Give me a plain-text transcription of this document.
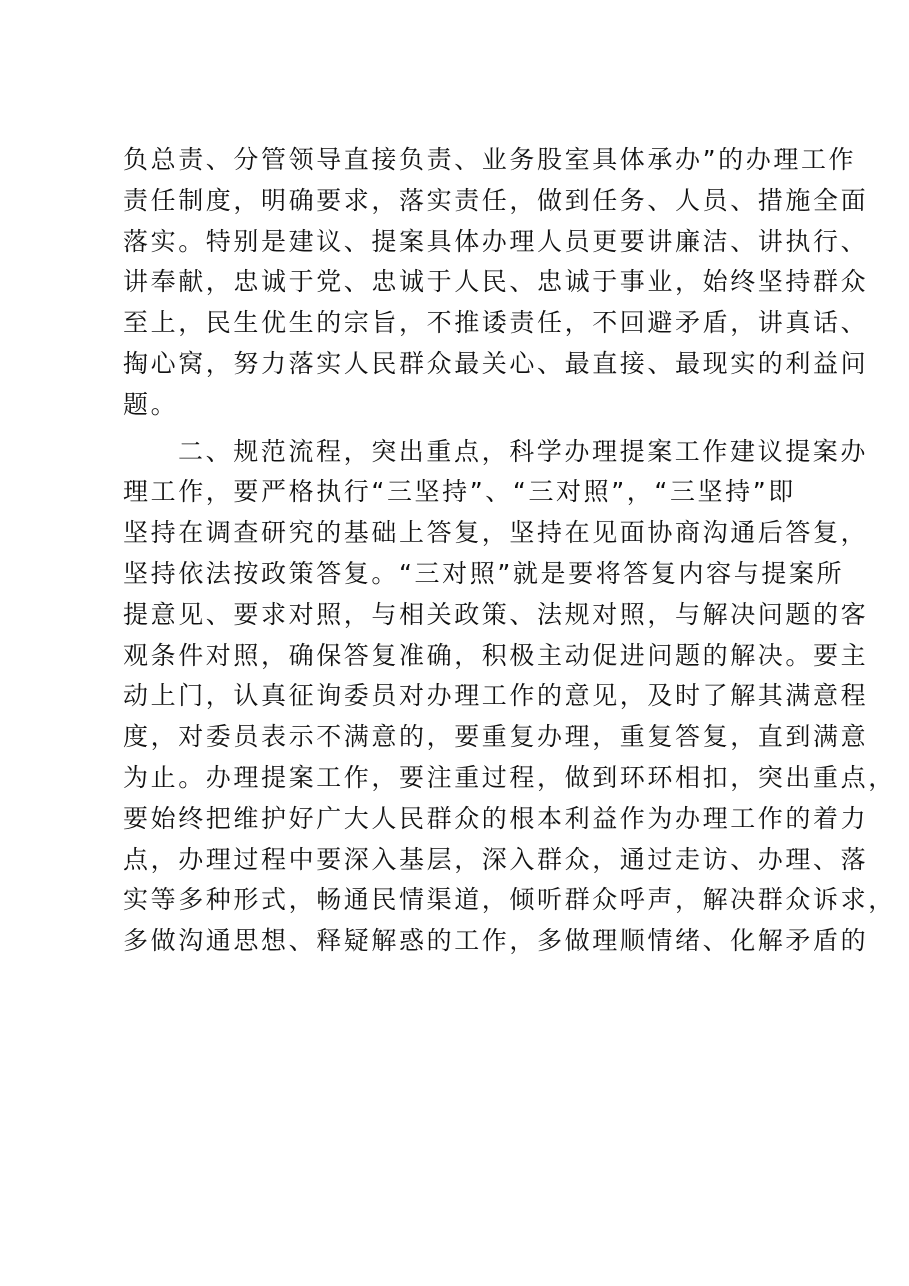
负总责、分管领导直接负责、业务股室具体承办”的办理工作
责任制度，明确要求，落实责任，做到任务、人员、措施全面
落实。特别是建议、提案具体办理人员更要讲廉洁、讲执行、
讲奉献，忠诚于党、忠诚于人民、忠诚于事业，始终坚持群众
至上，民生优生的宗旨，不推诿责任，不回避矛盾，讲真话、
掏心窝，努力落实人民群众最关心、最直接、最现实的利益问
题。
二、规范流程，突出重点，科学办理提案工作建议提案办
理工作，要严格执行“三坚持”、“三对照”，“三坚持”即
坚持在调查研究的基础上答复，坚持在见面协商沟通后答复，
坚持依法按政策答复。“三对照”就是要将答复内容与提案所
提意见、要求对照，与相关政策、法规对照，与解决问题的客
观条件对照，确保答复准确，积极主动促进问题的解决。要主
动上门，认真征询委员对办理工作的意见，及时了解其满意程
度，对委员表示不满意的，要重复办理，重复答复，直到满意
为止。办理提案工作，要注重过程，做到环环相扣，突出重点，
要始终把维护好广大人民群众的根本利益作为办理工作的着力
点，办理过程中要深入基层，深入群众，通过走访、办理、落
实等多种形式，畅通民情渠道，倾听群众呼声，解决群众诉求，
多做沟通思想、释疑解惑的工作，多做理顺情绪、化解矛盾的
